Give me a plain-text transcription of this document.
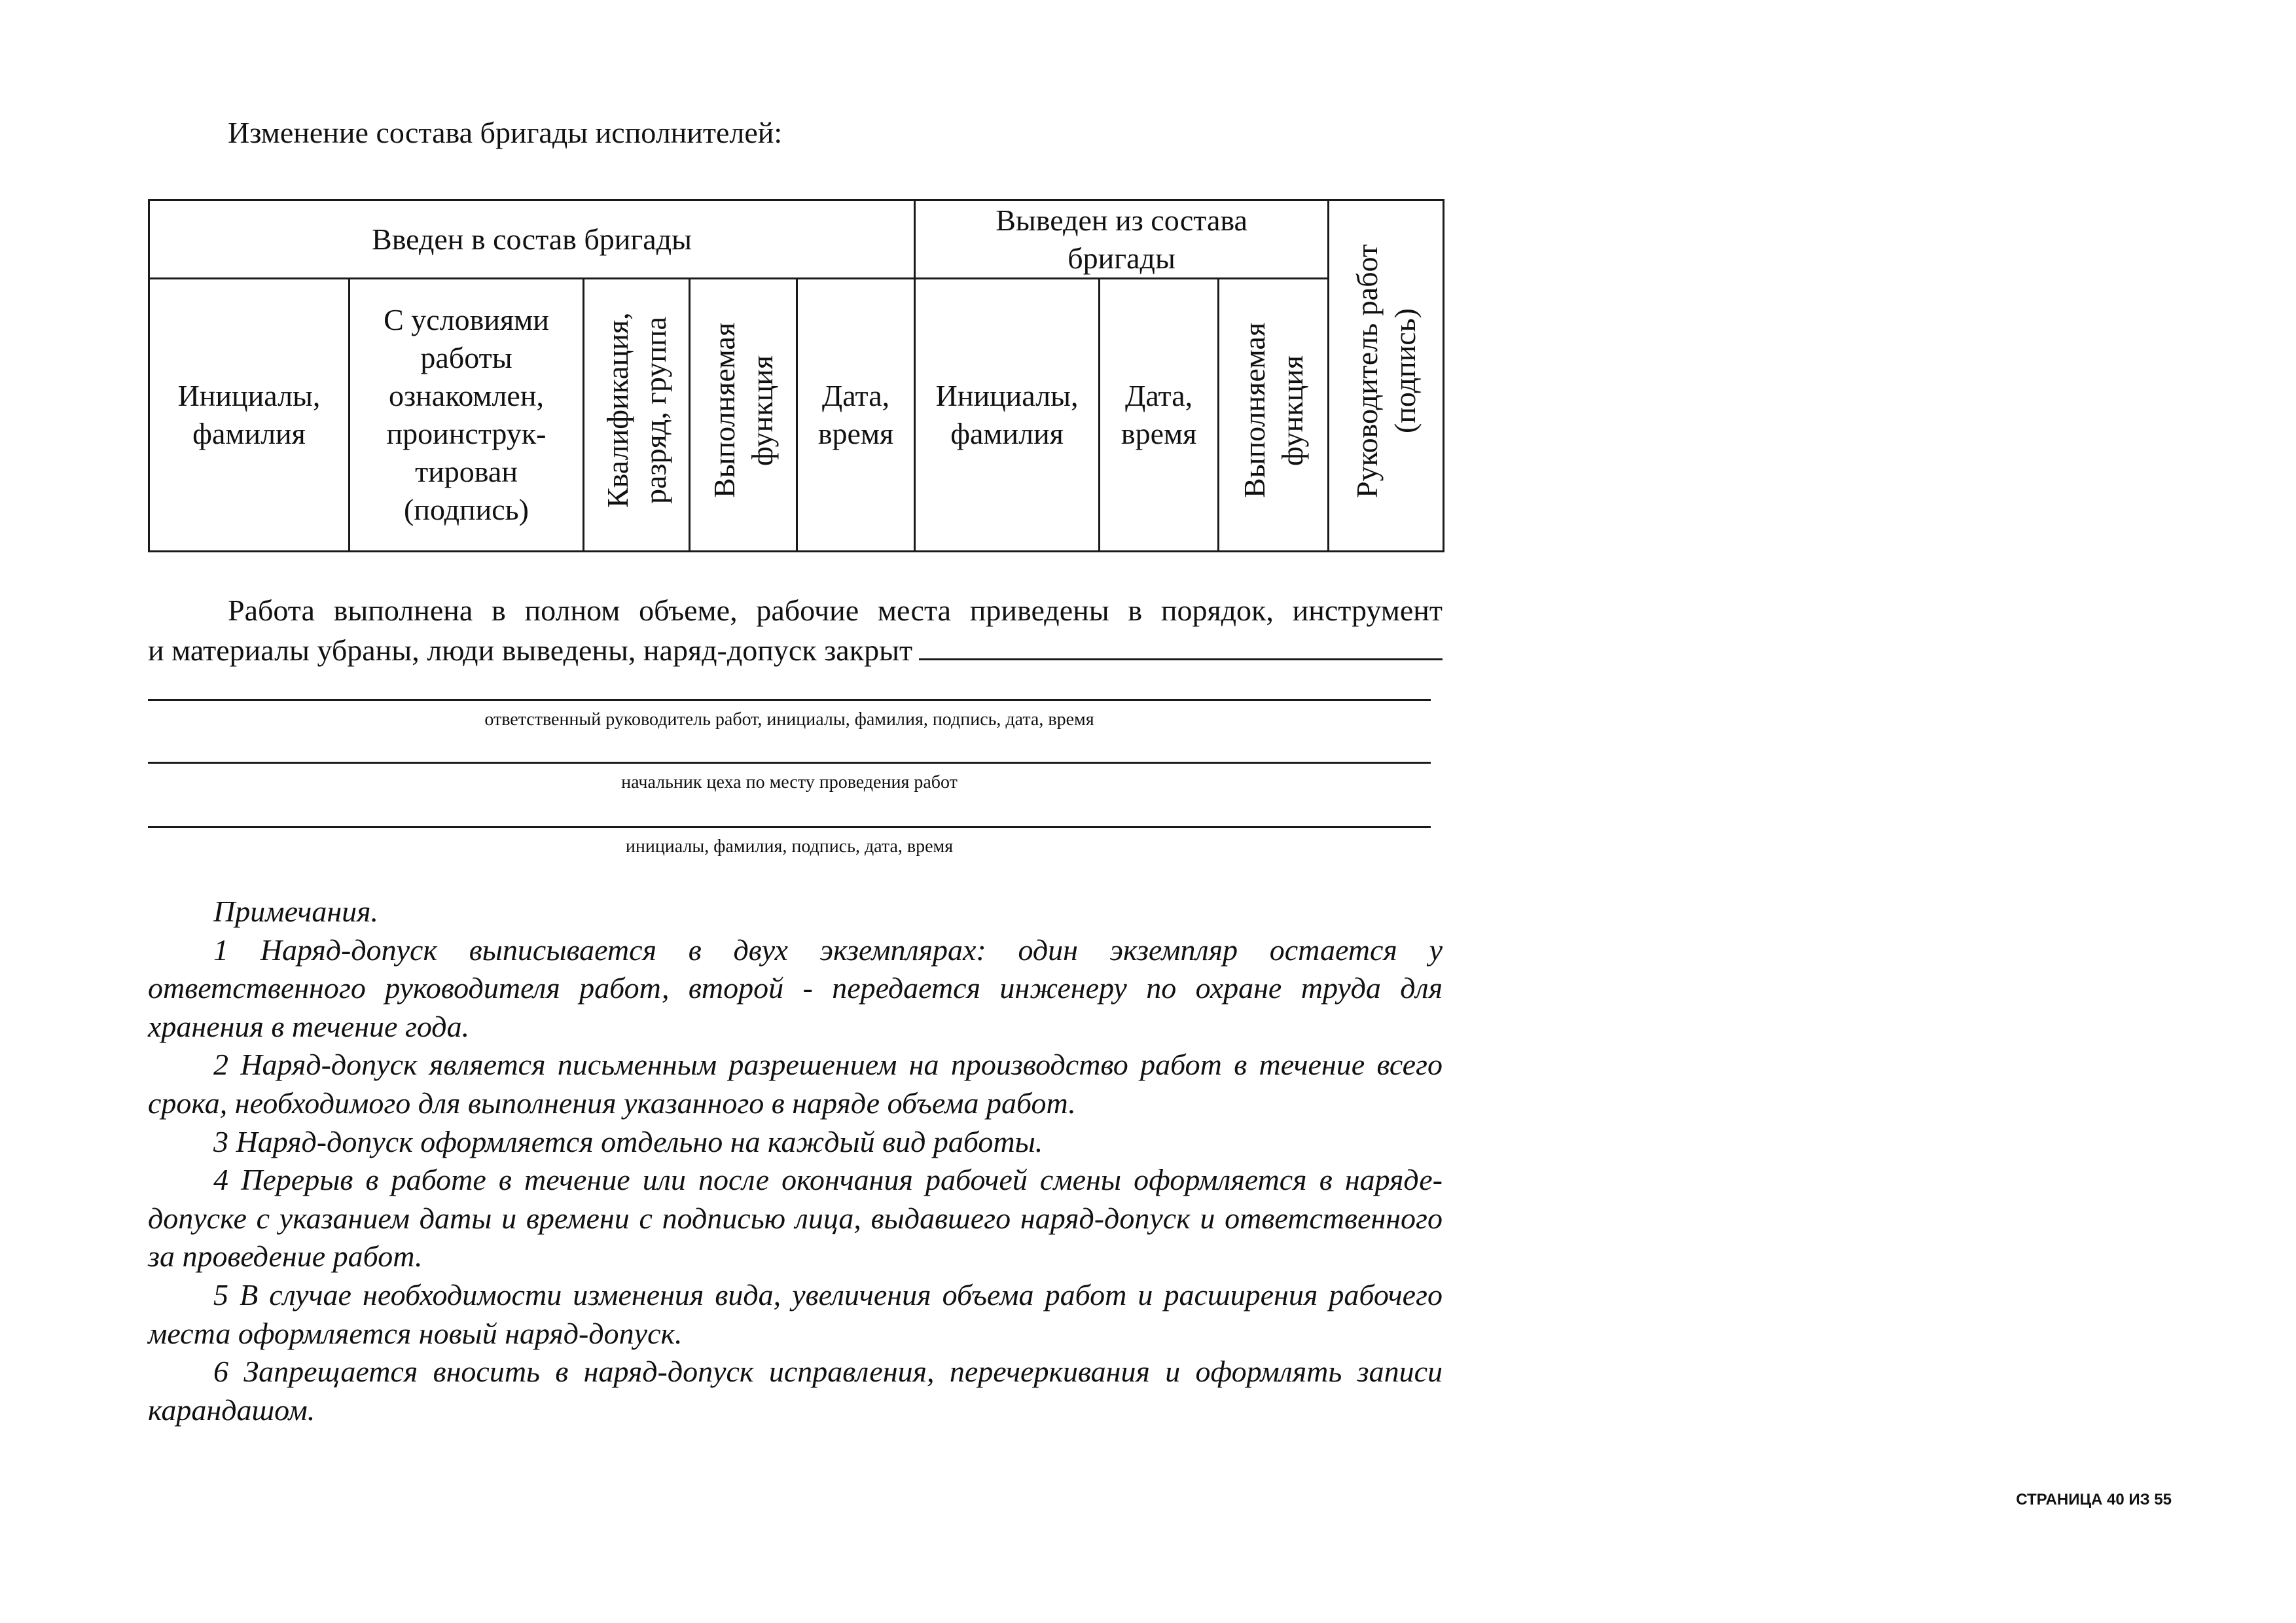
Изменение состава бригады исполнителей:
Введен в состав бригады					Выведен из состава бригады			Руководитель работ (подпись)
Инициалы, фамилия	С условиями работы ознакомлен, проинструк-тирован (подпись)	Квалификация, разряд, группа	Выполняемая функция	Дата, время	Инициалы, фамилия	Дата, время	Выполняемая функция	
Работа выполнена в полном объеме, рабочие места приведены в порядок, инструмент
и материалы убраны, люди выведены, наряд-допуск закрыт
ответственный руководитель работ, инициалы, фамилия, подпись, дата, время
начальник цеха по месту проведения работ
инициалы, фамилия, подпись, дата, время
Примечания.
1 Наряд-допуск выписывается в двух экземплярах: один экземпляр остается у ответственного руководителя работ, второй - передается инженеру по охране труда для хранения в течение года.
2 Наряд-допуск является письменным разрешением на производство работ в течение всего срока, необходимого для выполнения указанного в наряде объема работ.
3 Наряд-допуск оформляется отдельно на каждый вид работы.
4 Перерыв в работе в течение или после окончания рабочей смены оформляется в наряде-допуске с указанием даты и времени с подписью лица, выдавшего наряд-допуск и ответственного за проведение работ.
5 В случае необходимости изменения вида, увеличения объема работ и расширения рабочего места оформляется новый наряд-допуск.
6 Запрещается вносить в наряд-допуск исправления, перечеркивания и оформлять записи карандашом.
СТРАНИЦА 40 ИЗ 55
